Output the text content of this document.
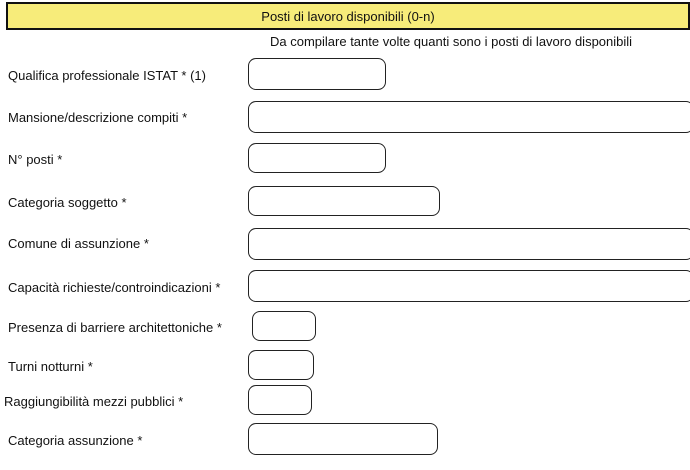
Posti di lavoro disponibili (0-n)
Da compilare tante volte quanti sono i posti di lavoro disponibili
Qualifica professionale ISTAT * (1)
Mansione/descrizione compiti *
N° posti *
Categoria soggetto *
Comune di assunzione *
Capacità richieste/controindicazioni *
Presenza di barriere architettoniche *
Turni notturni *
Raggiungibilità mezzi pubblici *
Categoria assunzione *
